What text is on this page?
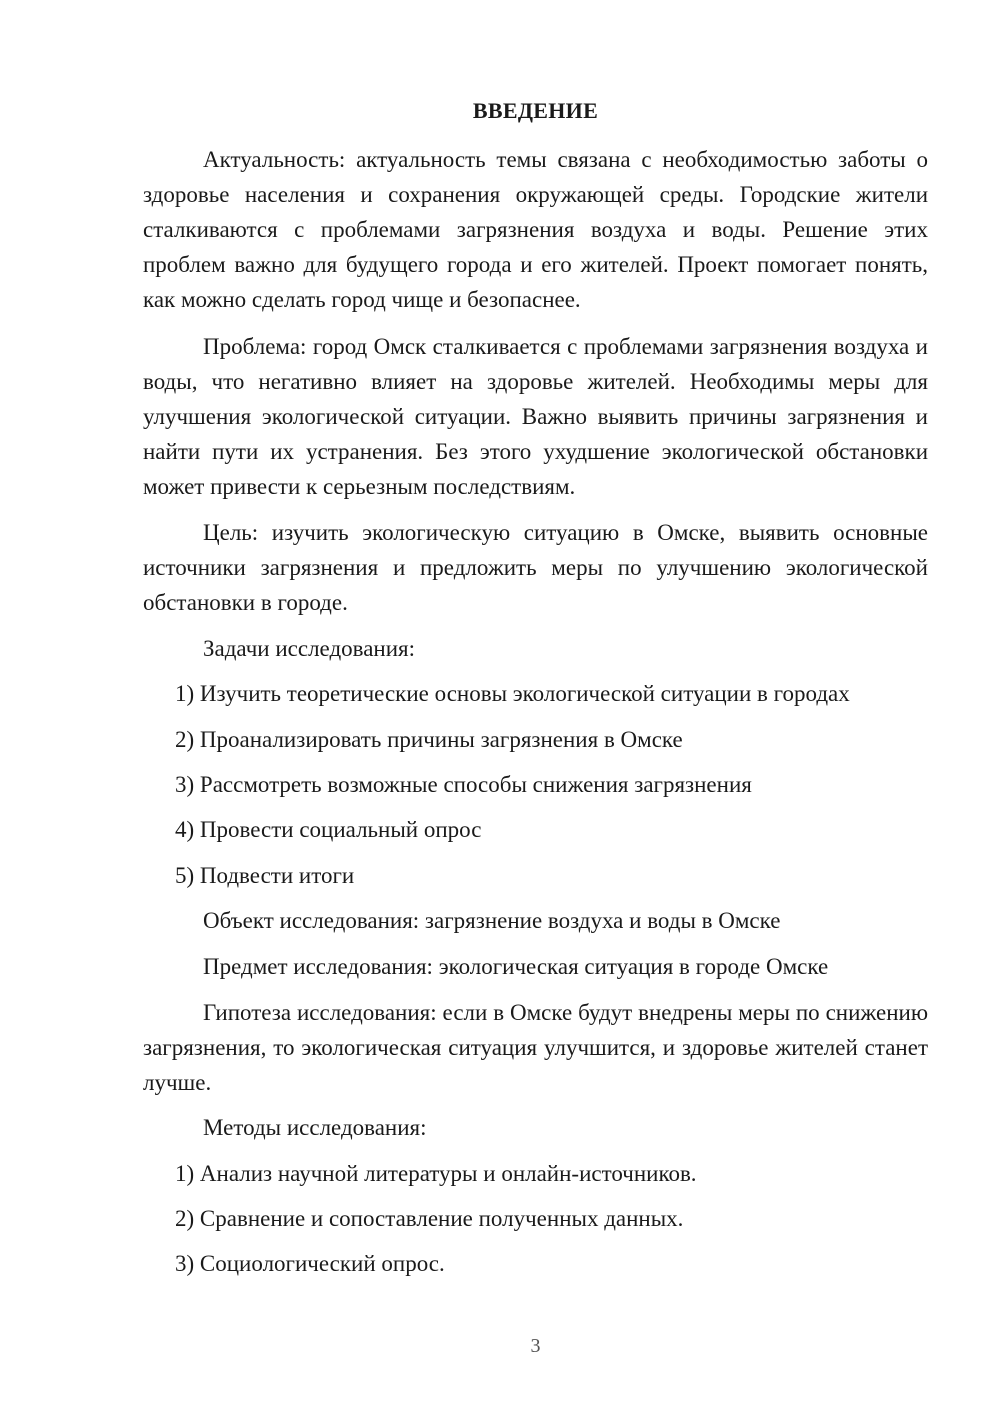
ВВЕДЕНИЕ

Актуальность: актуальность темы связана с необходимостью заботы о здоровье населения и сохранения окружающей среды. Городские жители сталкиваются с проблемами загрязнения воздуха и воды. Решение этих проблем важно для будущего города и его жителей. Проект помогает понять, как можно сделать город чище и безопаснее.

Проблема: город Омск сталкивается с проблемами загрязнения воздуха и воды, что негативно влияет на здоровье жителей. Необходимы меры для улучшения экологической ситуации. Важно выявить причины загрязнения и найти пути их устранения. Без этого ухудшение экологической обстановки может привести к серьезным последствиям.

Цель: изучить экологическую ситуацию в Омске, выявить основные источники загрязнения и предложить меры по улучшению экологической обстановки в городе.

Задачи исследования:
1) Изучить теоретические основы экологической ситуации в городах
2) Проанализировать причины загрязнения в Омске
3) Рассмотреть возможные способы снижения загрязнения
4) Провести социальный опрос
5) Подвести итоги
Объект исследования: загрязнение воздуха и воды в Омске
Предмет исследования: экологическая ситуация в городе Омске

Гипотеза исследования: если в Омске будут внедрены меры по снижению загрязнения, то экологическая ситуация улучшится, и здоровье жителей станет лучше.

Методы исследования:
1) Анализ научной литературы и онлайн-источников.
2) Сравнение и сопоставление полученных данных.
3) Социологический опрос.
3
